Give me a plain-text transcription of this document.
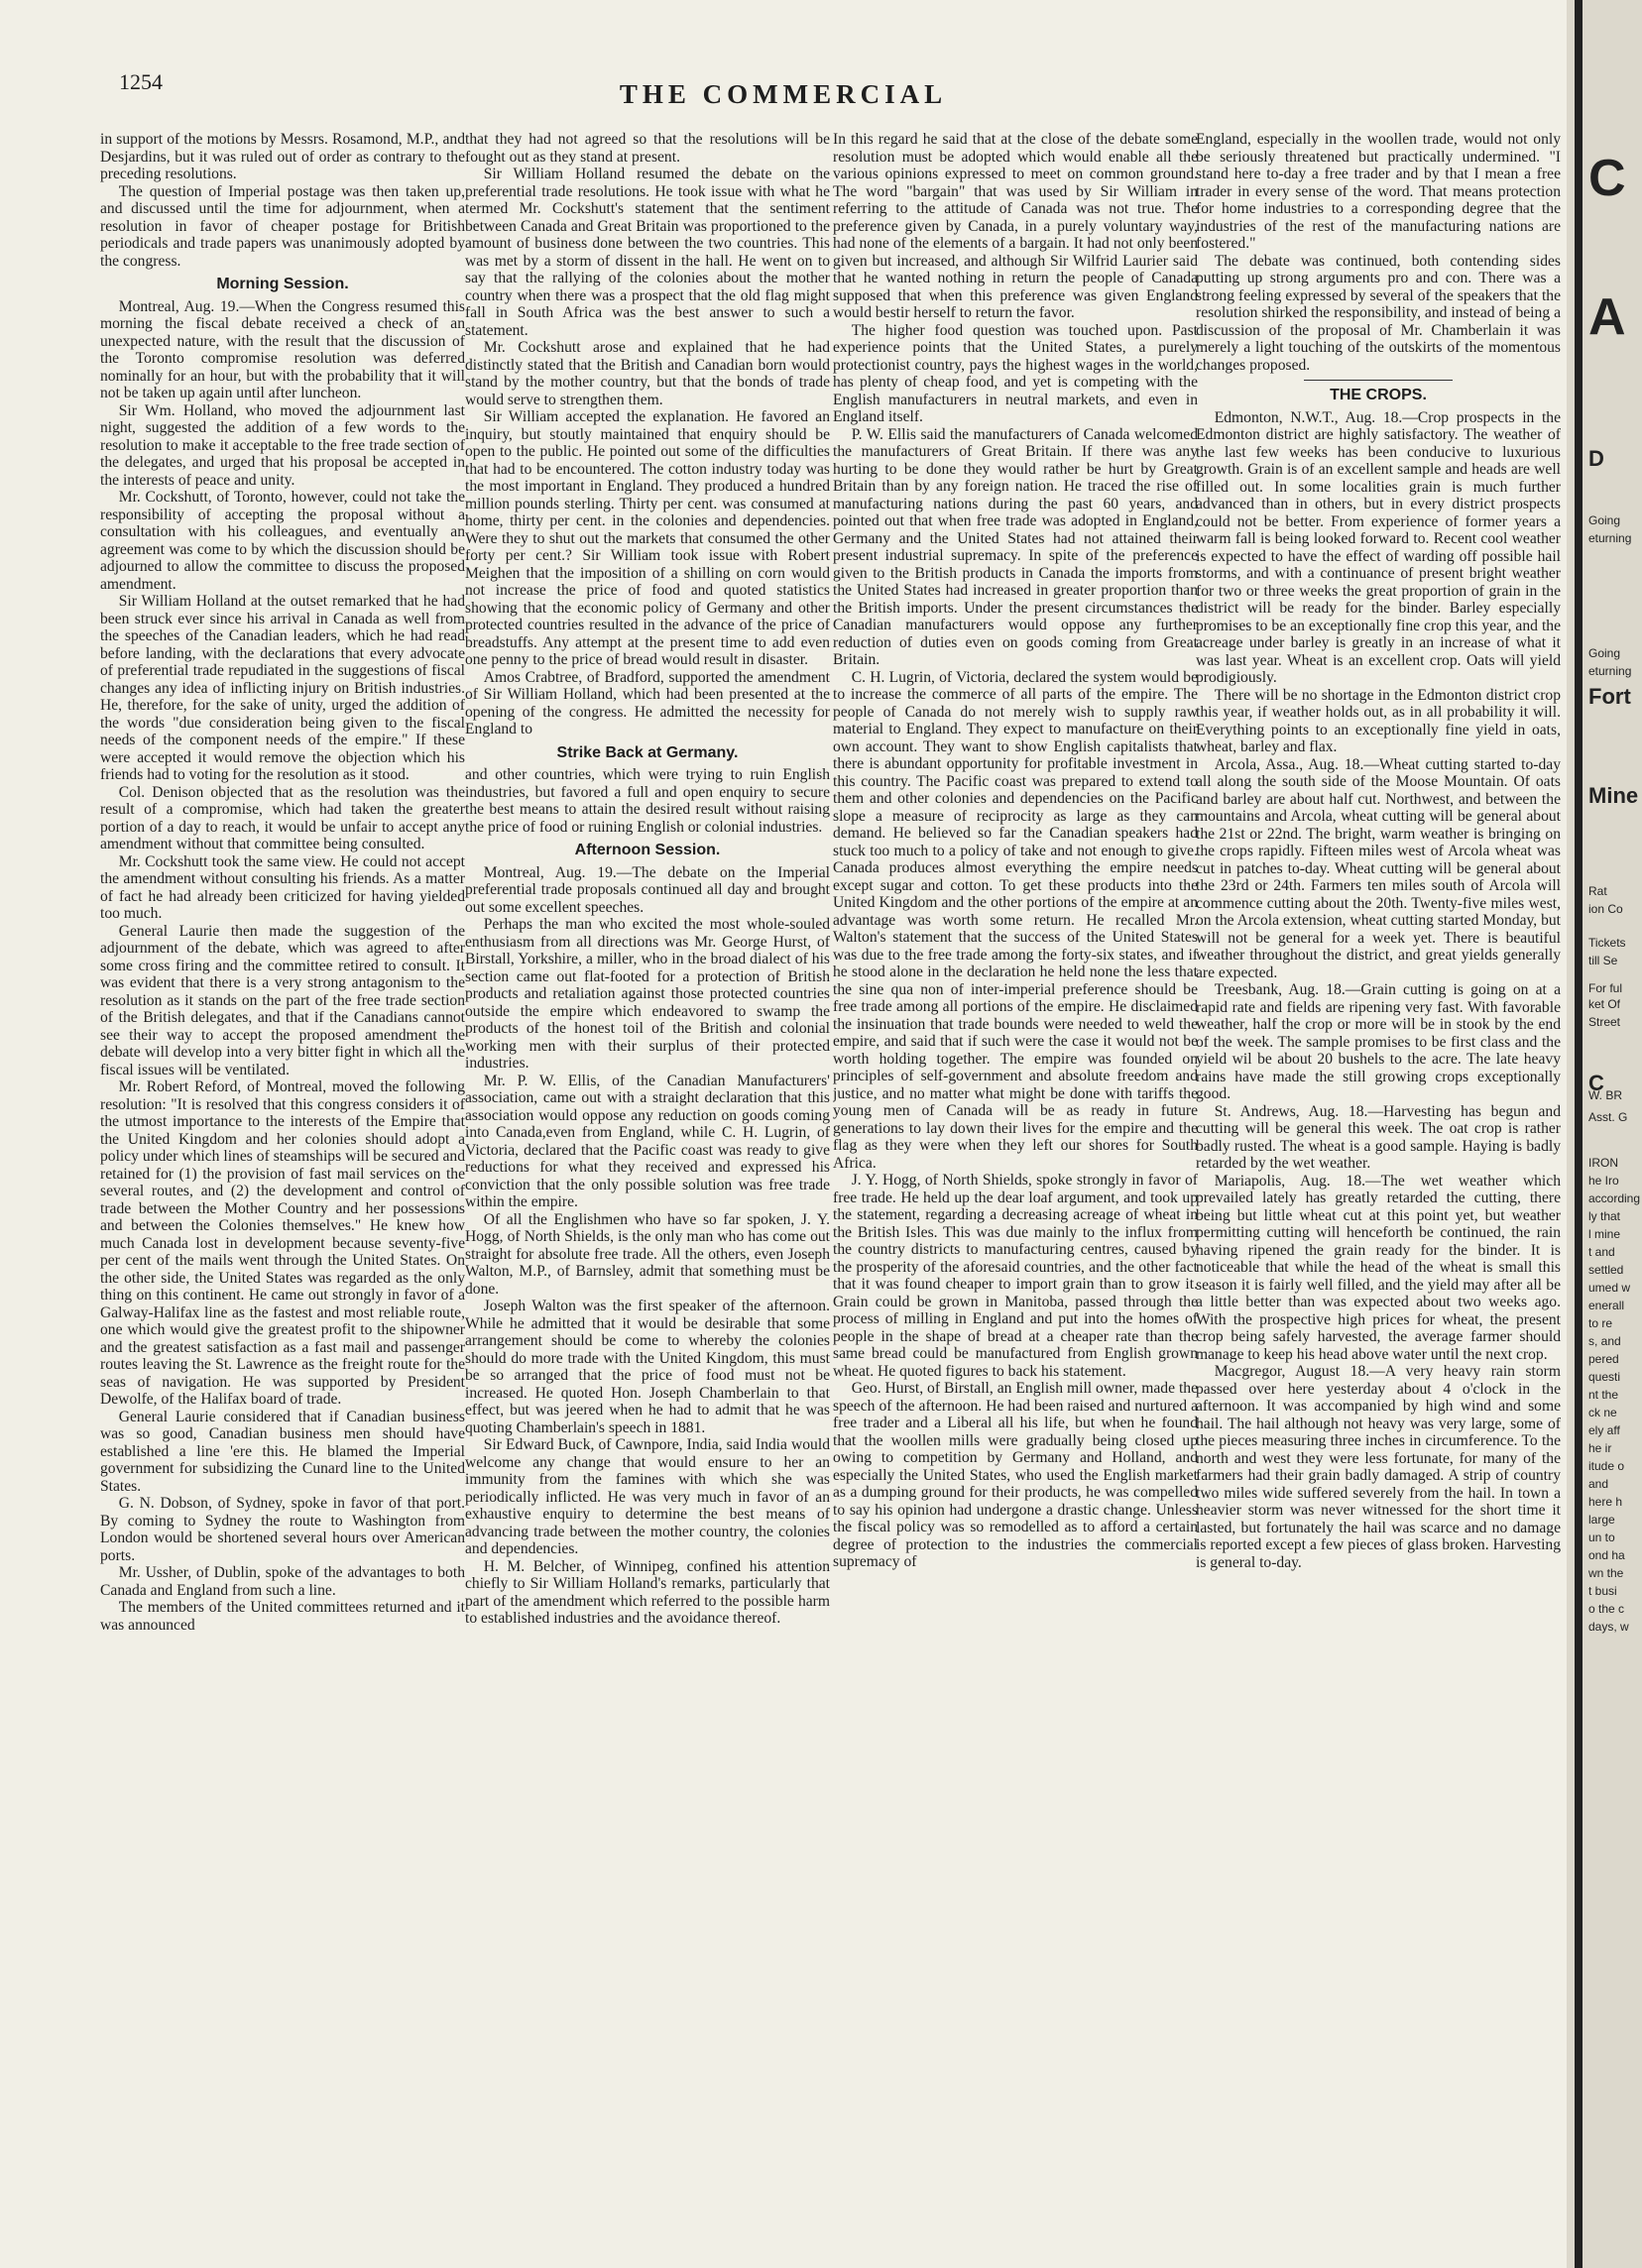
1254	THE COMMERCIAL

in support of the motions by Messrs. Rosamond, M.P., and Desjardins, but it was ruled out of order as contrary to the preceding resolutions.

The question of Imperial postage was then taken up, and discussed until the time for adjournment, when a resolution in favor of cheaper postage for British periodicals and trade papers was unanimously adopted by the congress.

Morning Session.

Montreal, Aug. 19.—When the Congress resumed this morning the fiscal debate received a check of an unexpected nature, with the result that the discussion of the Toronto compromise resolution was deferred nominally for an hour, but with the probability that it will not be taken up again until after luncheon.

Sir Wm. Holland, who moved the adjournment last night, suggested the addition of a few words to the resolution to make it acceptable to the free trade section of the delegates, and urged that his proposal be accepted in the interests of peace and unity.

Mr. Cockshutt, of Toronto, however, could not take the responsibility of accepting the proposal without a consultation with his colleagues, and eventually an agreement was come to by which the discussion should be adjourned to allow the committee to discuss the proposed amendment.

Sir William Holland at the outset remarked that he had been struck ever since his arrival in Canada as well from the speeches of the Canadian leaders, which he had read before landing, with the declarations that every advocate of preferential trade repudiated in the suggestions of fiscal changes any idea of inflicting injury on British industries. He, therefore, for the sake of unity, urged the addition of the words "due consideration being given to the fiscal needs of the component needs of the empire." If these were accepted it would remove the objection which his friends had to voting for the resolution as it stood.

Col. Denison objected that as the resolution was the result of a compromise, which had taken the greater portion of a day to reach, it would be unfair to accept any amendment without that committee being consulted.

Mr. Cockshutt took the same view. He could not accept the amendment without consulting his friends. As a matter of fact he had already been criticized for having yielded too much.

General Laurie then made the suggestion of the adjournment of the debate, which was agreed to after some cross firing and the committee retired to consult. It was evident that there is a very strong antagonism to the resolution as it stands on the part of the free trade section of the British delegates, and that if the Canadians cannot see their way to accept the proposed amendment the debate will develop into a very bitter fight in which all the fiscal issues will be ventilated.

Mr. Robert Reford, of Montreal, moved the following resolution: "It is resolved that this congress considers it of the utmost importance to the interests of the Empire that the United Kingdom and her colonies should adopt a policy under which lines of steamships will be secured and retained for (1) the provision of fast mail services on the several routes, and (2) the development and control of trade between the Mother Country and her possessions and between the Colonies themselves." He knew how much Canada lost in development because seventy-five per cent of the mails went through the United States. On the other side, the United States was regarded as the only thing on this continent. He came out strongly in favor of a Galway-Halifax line as the fastest and most reliable route, one which would give the greatest profit to the shipowner and the greatest satisfaction as a fast mail and passenger routes leaving the St. Lawrence as the freight route for the seas of navigation. He was supported by President Dewolfe, of the Halifax board of trade.

General Laurie considered that if Canadian business was so good, Canadian business men should have established a line 'ere this. He blamed the Imperial government for subsidizing the Cunard line to the United States.

G. N. Dobson, of Sydney, spoke in favor of that port. By coming to Sydney the route to Washington from London would be shortened several hours over American ports.

Mr. Ussher, of Dublin, spoke of the advantages to both Canada and England from such a line.

The members of the United committees returned and it was announced

that they had not agreed so that the resolutions will be fought out as they stand at present.

Sir William Holland resumed the debate on the preferential trade resolutions. He took issue with what he termed Mr. Cockshutt's statement that the sentiment between Canada and Great Britain was proportioned to the amount of business done between the two countries. This was met by a storm of dissent in the hall. He went on to say that the rallying of the colonies about the mother country when there was a prospect that the old flag might fall in South Africa was the best answer to such a statement.

Mr. Cockshutt arose and explained that he had distinctly stated that the British and Canadian born would stand by the mother country, but that the bonds of trade would serve to strengthen them.

Sir William accepted the explanation. He favored an inquiry, but stoutly maintained that enquiry should be open to the public. He pointed out some of the difficulties that had to be encountered. The cotton industry today was the most important in England. They produced a hundred million pounds sterling. Thirty per cent. was consumed at home, thirty per cent. in the colonies and dependencies. Were they to shut out the markets that consumed the other forty per cent.? Sir William took issue with Robert Meighen that the imposition of a shilling on corn would not increase the price of food and quoted statistics showing that the economic policy of Germany and other protected countries resulted in the advance of the price of breadstuffs. Any attempt at the present time to add even one penny to the price of bread would result in disaster.

Amos Crabtree, of Bradford, supported the amendment of Sir William Holland, which had been presented at the opening of the congress. He admitted the necessity for England to

Strike Back at Germany.

and other countries, which were trying to ruin English industries, but favored a full and open enquiry to secure the best means to attain the desired result without raising the price of food or ruining English or colonial industries.

Afternoon Session.

Montreal, Aug. 19.—The debate on the Imperial preferential trade proposals continued all day and brought out some excellent speeches.

Perhaps the man who excited the most whole-souled enthusiasm from all directions was Mr. George Hurst, of Birstall, Yorkshire, a miller, who in the broad dialect of his section came out flat-footed for a protection of British products and retaliation against those protected countries outside the empire which endeavored to swamp the products of the honest toil of the British and colonial working men with their surplus of their protected industries.

Mr. P. W. Ellis, of the Canadian Manufacturers' association, came out with a straight declaration that this association would oppose any reduction on goods coming into Canada,even from England, while C. H. Lugrin, of Victoria, declared that the Pacific coast was ready to give reductions for what they received and expressed his conviction that the only possible solution was free trade within the empire.

Of all the Englishmen who have so far spoken, J. Y. Hogg, of North Shields, is the only man who has come out straight for absolute free trade. All the others, even Joseph Walton, M.P., of Barnsley, admit that something must be done.

Joseph Walton was the first speaker of the afternoon. While he admitted that it would be desirable that some arrangement should be come to whereby the colonies should do more trade with the United Kingdom, this must be so arranged that the price of food must not be increased. He quoted Hon. Joseph Chamberlain to that effect, but was jeered when he had to admit that he was quoting Chamberlain's speech in 1881.

Sir Edward Buck, of Cawnpore, India, said India would welcome any change that would ensure to her an immunity from the famines with which she was periodically inflicted. He was very much in favor of an exhaustive enquiry to determine the best means of advancing trade between the mother country, the colonies and dependencies.

H. M. Belcher, of Winnipeg, confined his attention chiefly to Sir William Holland's remarks, particularly that part of the amendment which referred to the possible harm to established industries and the avoidance thereof.

In this regard he said that at the close of the debate some resolution must be adopted which would enable all the various opinions expressed to meet on common ground. The word "bargain" that was used by Sir William in referring to the attitude of Canada was not true. The preference given by Canada, in a purely voluntary way, had none of the elements of a bargain. It had not only been given but increased, and although Sir Wilfrid Laurier said that he wanted nothing in return the people of Canada supposed that when this preference was given England would bestir herself to return the favor.

The higher food question was touched upon. Past experience points that the United States, a purely protectionist country, pays the highest wages in the world, has plenty of cheap food, and yet is competing with the English manufacturers in neutral markets, and even in England itself.

P. W. Ellis said the manufacturers of Canada welcomed the manufacturers of Great Britain. If there was any hurting to be done they would rather be hurt by Great Britain than by any foreign nation. He traced the rise of manufacturing nations during the past 60 years, and pointed out that when free trade was adopted in England, Germany and the United States had not attained their present industrial supremacy. In spite of the preference given to the British products in Canada the imports from the United States had increased in greater proportion than the British imports. Under the present circumstances the Canadian manufacturers would oppose any further reduction of duties even on goods coming from Great Britain.

C. H. Lugrin, of Victoria, declared the system would be to increase the commerce of all parts of the empire. The people of Canada do not merely wish to supply raw material to England. They expect to manufacture on their own account. They want to show English capitalists that there is abundant opportunity for profitable investment in this country. The Pacific coast was prepared to extend to them and other colonies and dependencies on the Pacific slope a measure of reciprocity as large as they can demand. He believed so far the Canadian speakers had stuck too much to a policy of take and not enough to give. Canada produces almost everything the empire needs except sugar and cotton. To get these products into the United Kingdom and the other portions of the empire at an advantage was worth some return. He recalled Mr. Walton's statement that the success of the United States was due to the free trade among the forty-six states, and if he stood alone in the declaration he held none the less that the sine qua non of inter-imperial preference should be free trade among all portions of the empire. He disclaimed the insinuation that trade bounds were needed to weld the empire, and said that if such were the case it would not be worth holding together. The empire was founded on principles of self-government and absolute freedom and justice, and no matter what might be done with tariffs the young men of Canada will be as ready in future generations to lay down their lives for the empire and the flag as they were when they left our shores for South Africa.

J. Y. Hogg, of North Shields, spoke strongly in favor of free trade. He held up the dear loaf argument, and took up the statement, regarding a decreasing acreage of wheat in the British Isles. This was due mainly to the influx from the country districts to manufacturing centres, caused by the prosperity of the aforesaid countries, and the other fact that it was found cheaper to import grain than to grow it. Grain could be grown in Manitoba, passed through the process of milling in England and put into the homes of people in the shape of bread at a cheaper rate than the same bread could be manufactured from English grown wheat. He quoted figures to back his statement.

Geo. Hurst, of Birstall, an English mill owner, made the speech of the afternoon. He had been raised and nurtured a free trader and a Liberal all his life, but when he found that the woollen mills were gradually being closed up owing to competition by Germany and Holland, and especially the United States, who used the English market as a dumping ground for their products, he was compelled to say his opinion had undergone a drastic change. Unless the fiscal policy was so remodelled as to afford a certain degree of protection to the industries the commercial supremacy of

England, especially in the woollen trade, would not only be seriously threatened but practically undermined. "I stand here to-day a free trader and by that I mean a free trader in every sense of the word. That means protection for home industries to a corresponding degree that the industries of the rest of the manufacturing nations are fostered."

The debate was continued, both contending sides putting up strong arguments pro and con. There was a strong feeling expressed by several of the speakers that the resolution shirked the responsibility, and instead of being a discussion of the proposal of Mr. Chamberlain it was merely a light touching of the outskirts of the momentous changes proposed.

THE CROPS.

Edmonton, N.W.T., Aug. 18.—Crop prospects in the Edmonton district are highly satisfactory. The weather of the last few weeks has been conducive to luxurious growth. Grain is of an excellent sample and heads are well filled out. In some localities grain is much further advanced than in others, but in every district prospects could not be better. From experience of former years a warm fall is being looked forward to. Recent cool weather is expected to have the effect of warding off possible hail storms, and with a continuance of present bright weather for two or three weeks the great proportion of grain in the district will be ready for the binder. Barley especially promises to be an exceptionally fine crop this year, and the acreage under barley is greatly in an increase of what it was last year. Wheat is an excellent crop. Oats will yield prodigiously.

There will be no shortage in the Edmonton district crop this year, if weather holds out, as in all probability it will. Everything points to an exceptionally fine yield in oats, wheat, barley and flax.

Arcola, Assa., Aug. 18.—Wheat cutting started to-day all along the south side of the Moose Mountain. Of oats and barley are about half cut. Northwest, and between the mountains and Arcola, wheat cutting will be general about the 21st or 22nd. The bright, warm weather is bringing on the crops rapidly. Fifteen miles west of Arcola wheat was cut in patches to-day. Wheat cutting will be general about the 23rd or 24th. Farmers ten miles south of Arcola will commence cutting about the 20th. Twenty-five miles west, on the Arcola extension, wheat cutting started Monday, but will not be general for a week yet. There is beautiful weather throughout the district, and great yields generally are expected.

Treesbank, Aug. 18.—Grain cutting is going on at a rapid rate and fields are ripening very fast. With favorable weather, half the crop or more will be in stook by the end of the week. The sample promises to be first class and the yield wil be about 20 bushels to the acre. The late heavy rains have made the still growing crops exceptionally good.

St. Andrews, Aug. 18.—Harvesting has begun and cutting will be general this week. The oat crop is rather badly rusted. The wheat is a good sample. Haying is badly retarded by the wet weather.

Mariapolis, Aug. 18.—The wet weather which prevailed lately has greatly retarded the cutting, there being but little wheat cut at this point yet, but weather permitting cutting will henceforth be continued, the rain having ripened the grain ready for the binder. It is noticeable that while the head of the wheat is small this season it is fairly well filled, and the yield may after all be a little better than was expected about two weeks ago. With the prospective high prices for wheat, the present crop being safely harvested, the average farmer should manage to keep his head above water until the next crop.

Macgregor, August 18.—A very heavy rain storm passed over here yesterday about 4 o'clock in the afternoon. It was accompanied by high wind and some hail. The hail although not heavy was very large, some of the pieces measuring three inches in circumference. To the north and west they were less fortunate, for many of the farmers had their grain badly damaged. A strip of country two miles wide suffered severely from the hail. In town a heavier storm was never witnessed for the short time it lasted, but fortunately the hail was scarce and no damage is reported except a few pieces of glass broken. Harvesting is general to-day.

C
A
D
Going
eturning
Going
eturning
Fort
Mine
Rat
ion Co
Tickets
till Se
For ful
ket Of
Street
C
W. BR
Asst. G
IRON
he Iro
according
ly that
l mine
t and
settled
umed w
enerall
to re
s, and
pered
questi
nt the
ck ne
ely aff
he ir
itude o
and
here h
large
un to
ond ha
wn the
t busi
o the c
days, w
